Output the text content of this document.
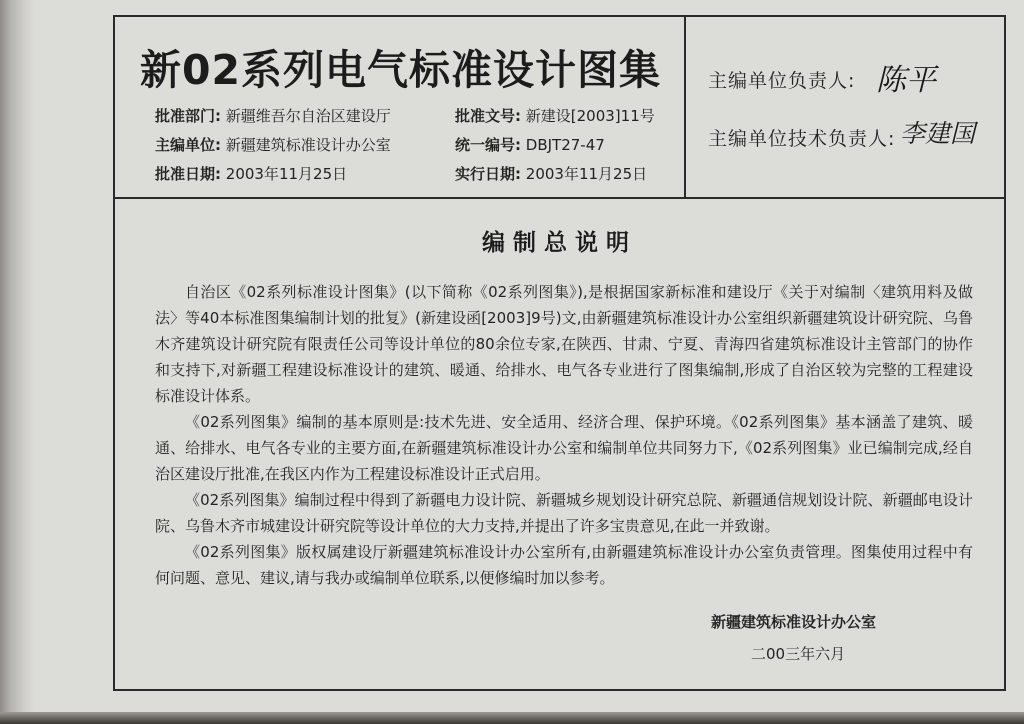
新02系列电气标准设计图集
批准部门: 新疆维吾尔自治区建设厅
主编单位: 新疆建筑标准设计办公室
批准日期: 2003年11月25日
批准文号: 新建设[2003]11号
统一编号: DBJT27-47
实行日期: 2003年11月25日
主编单位负责人: 陈平
主编单位技术负责人: 李建国
编制总说明
自治区《02系列标准设计图集》(以下简称《02系列图集》),是根据国家新标准和建设厅《关于对编制〈建筑用料及做法〉等40本标准图集编制计划的批复》(新建设函[2003]9号)文,由新疆建筑标准设计办公室组织新疆建筑设计研究院、乌鲁木齐建筑设计研究院有限责任公司等设计单位的80余位专家,在陕西、甘肃、宁夏、青海四省建筑标准设计主管部门的协作和支持下,对新疆工程建设标准设计的建筑、暖通、给排水、电气各专业进行了图集编制,形成了自治区较为完整的工程建设标准设计体系。
《02系列图集》编制的基本原则是:技术先进、安全适用、经济合理、保护环境。《02系列图集》基本涵盖了建筑、暖通、给排水、电气各专业的主要方面,在新疆建筑标准设计办公室和编制单位共同努力下,《02系列图集》业已编制完成,经自治区建设厅批准,在我区内作为工程建设标准设计正式启用。
《02系列图集》编制过程中得到了新疆电力设计院、新疆城乡规划设计研究总院、新疆通信规划设计院、新疆邮电设计院、乌鲁木齐市城建设计研究院等设计单位的大力支持,并提出了许多宝贵意见,在此一并致谢。
《02系列图集》版权属建设厅新疆建筑标准设计办公室所有,由新疆建筑标准设计办公室负责管理。图集使用过程中有何问题、意见、建议,请与我办或编制单位联系,以便修编时加以参考。
新疆建筑标准设计办公室
二00三年六月
